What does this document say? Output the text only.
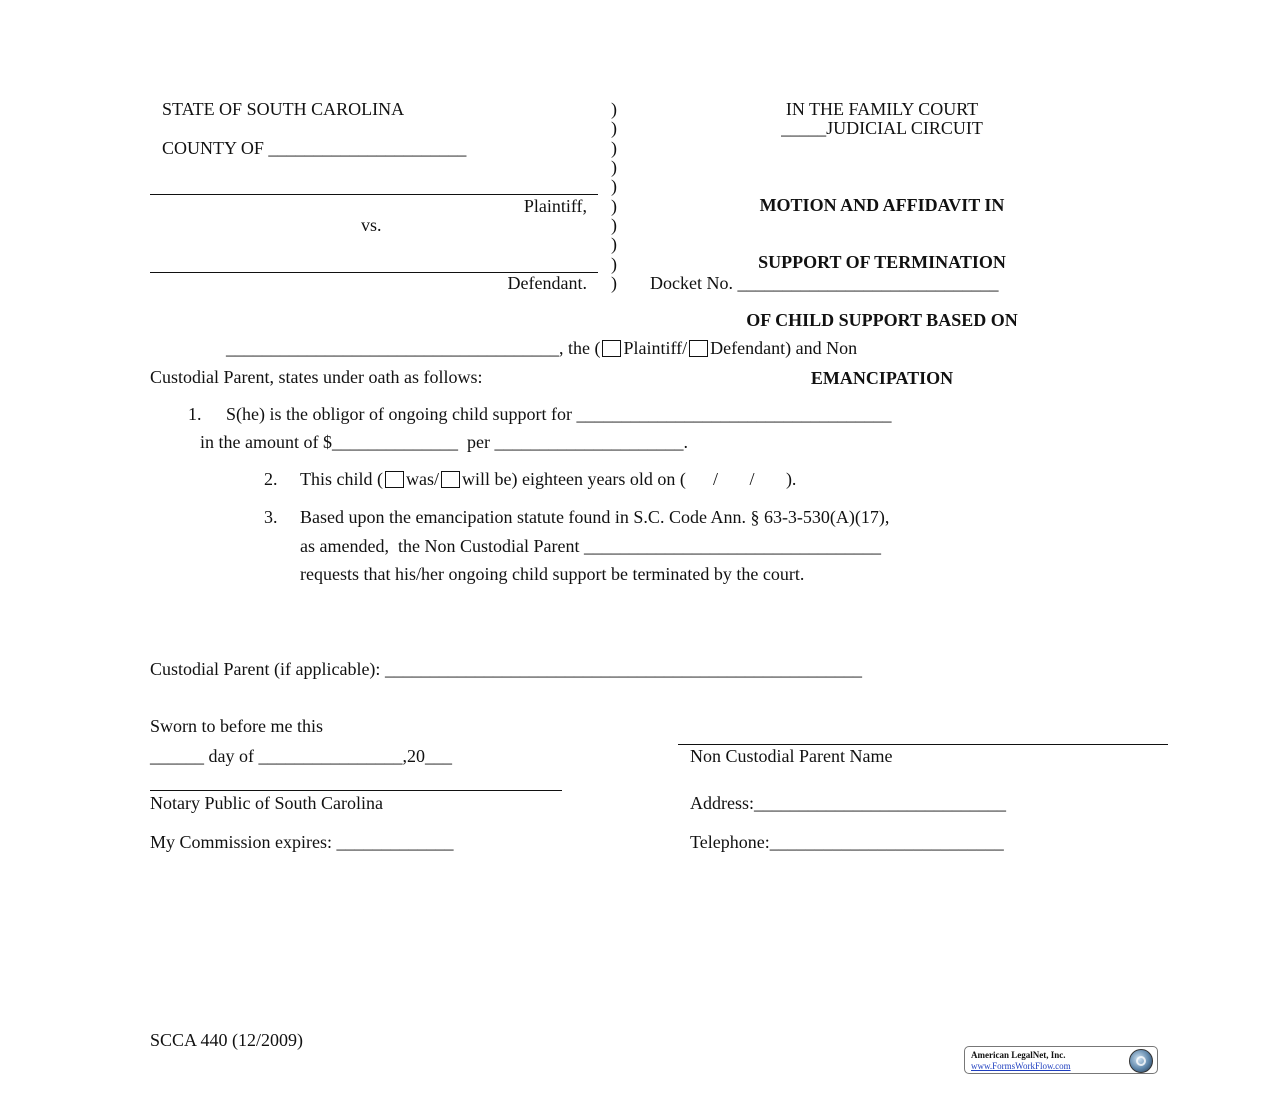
STATE OF SOUTH CAROLINA
COUNTY OF ______________________
Plaintiff,
vs.
Defendant.
)
)
)
)
)
)
)
)
)
)
IN THE FAMILY COURT
_____JUDICIAL CIRCUIT

MOTION AND AFFIDAVIT IN

SUPPORT OF TERMINATION

OF CHILD SUPPORT BASED ON

EMANCIPATION

Docket No. _____________________________
_____________________________________, the ( Plaintiff/ Defendant) and Non
Custodial Parent, states under oath as follows:
1. S(he) is the obligor of ongoing child support for ___________________________________
in the amount of $______________ per _____________________.
2. This child ( was/ will be) eighteen years old on (      /       /       ).
3. Based upon the emancipation statute found in S.C. Code Ann. § 63-3-530(A)(17),
as amended,  the Non Custodial Parent _________________________________
requests that his/her ongoing child support be terminated by the court.
Custodial Parent (if applicable): _____________________________________________________
Sworn to before me this
______ day of ________________,20___
Notary Public of South Carolina
My Commission expires: _____________
Non Custodial Parent Name
Address:____________________________
Telephone:__________________________
SCCA 440 (12/2009)
American LegalNet, Inc.
www.FormsWorkFlow.com
